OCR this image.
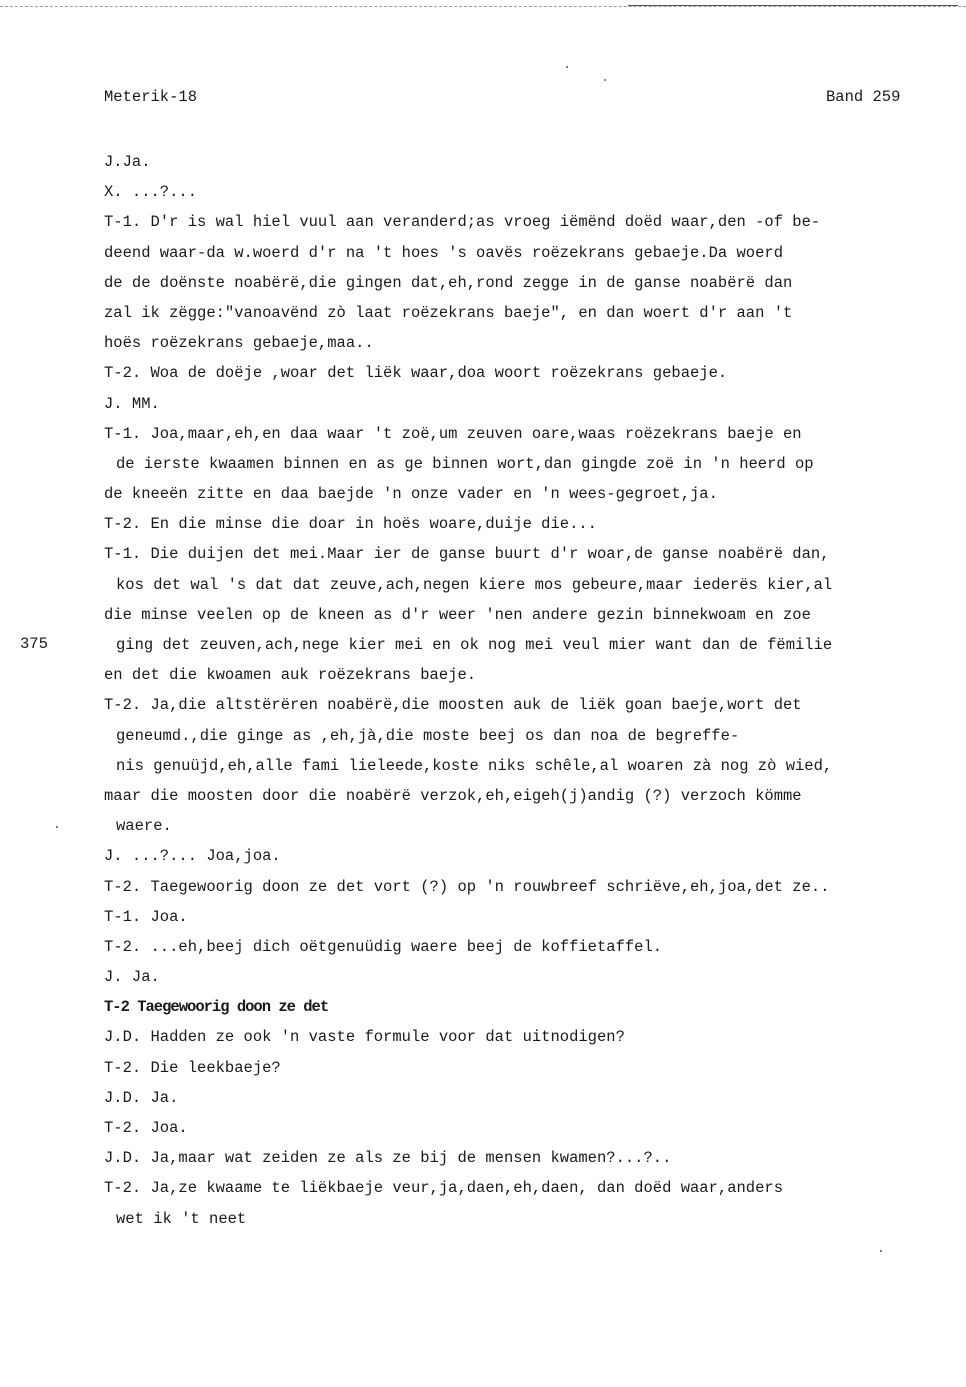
Meterik-18	Band 259
375
J.Ja.
X. ...?...
T-1. D'r is wal hiel vuul aan veranderd;as vroeg iëmënd doëd waar,den -of be-
deend waar-da w.woerd d'r na 't hoes 's oavës roëzekrans gebaeje.Da woerd
de de doënste noabërë,die gingen dat,eh,rond zegge in de ganse noabërë dan
zal ik zëgge:"vanoavënd zò laat roëzekrans baeje", en dan woert d'r aan 't
hoës roëzekrans gebaeje,maa..
T-2. Woa de doëje ,woar det liëk waar,doa woort roëzekrans gebaeje.
J. MM.
T-1. Joa,maar,eh,en daa waar 't zoë,um zeuven oare,waas roëzekrans baeje en
de ierste kwaamen binnen en as ge binnen wort,dan gingde zoë in 'n heerd op
de kneeën zitte en daa baejde 'n onze vader en 'n wees-gegroet,ja.
T-2. En die minse die doar in hoës woare,duije die...
T-1. Die duijen det mei.Maar ier de ganse buurt d'r woar,de ganse noabërë dan,
kos det wal 's dat dat zeuve,ach,negen kiere mos gebeure,maar iederës kier,al
die minse veelen op de kneen as d'r weer 'nen andere gezin binnekwoam en zoe
ging det zeuven,ach,nege kier mei en ok nog mei veul mier want dan de fëmilie
en det die kwoamen auk roëzekrans baeje.
T-2. Ja,die altstërëren noabërë,die moosten auk de liëk goan baeje,wort det
geneumd.,die ginge as ,eh,jà,die moste beej os dan noa de begreffe-
nis genuüjd,eh,alle fami lieleede,koste niks schêle,al woaren zà nog zò wied,
maar die moosten door die noabërë verzok,eh,eigeh(j)andig (?) verzoch kömme
waere.
J. ...?... Joa,joa.
T-2. Taegewoorig doon ze det vort (?) op 'n rouwbreef schriëve,eh,joa,det ze..
T-1. Joa.
T-2. ...eh,beej dich oëtgenuüdig waere beej de koffietaffel.
J. Ja.
T-2 Taegewoorig doon ze det
J.D. Hadden ze ook 'n vaste formule voor dat uitnodigen?
T-2. Die leekbaeje?
J.D. Ja.
T-2. Joa.
J.D. Ja,maar wat zeiden ze als ze bij de mensen kwamen?...?..
T-2. Ja,ze kwaame te liëkbaeje veur,ja,daen,eh,daen, dan doëd waar,anders
wet ik 't neet
